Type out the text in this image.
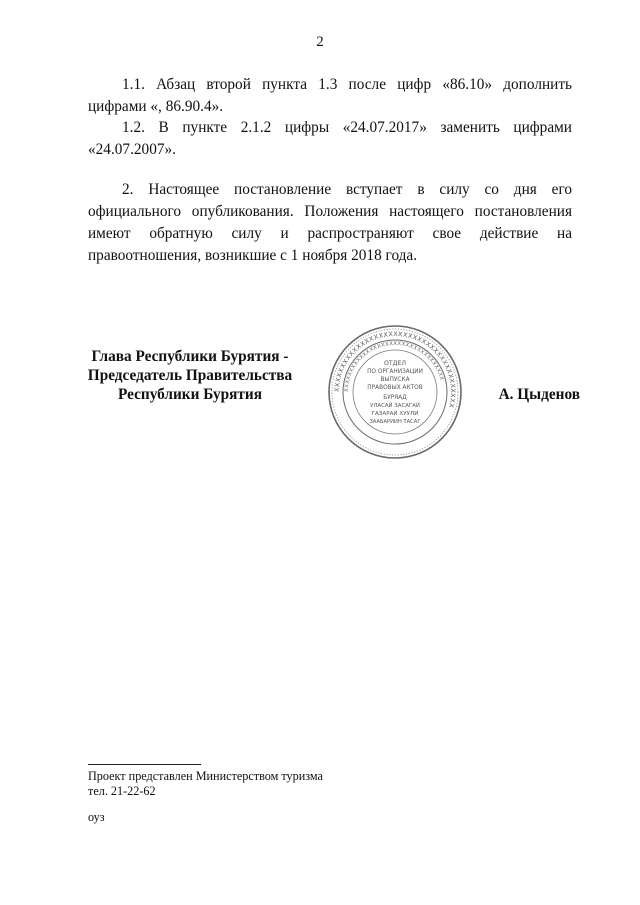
2

1.1. Абзац второй пункта 1.3 после цифр «86.10» дополнить цифрами «, 86.90.4».

1.2. В пункте 2.1.2 цифры «24.07.2017» заменить цифрами «24.07.2007».

2. Настоящее постановление вступает в силу со дня его официального опубликования. Положения настоящего постановления имеют обратную силу и распространяют свое действие на правоотношения, возникшие с 1 ноября 2018 года.

Глава Республики Бурятия -
Председатель Правительства
Республики Бурятия	ХХХХХХХХХХХХХХХХХХХХХХХХХХХХХХХХХХХХХХХХ
ХХХХХХХХХХХХХХХХХХХХХХХХХХХХХХХХХХ
ОТДЕЛ
ПО ОРГАНИЗАЦИИ
ВЫПУСКА
ПРАВОВЫХ АКТОВ
БУРЯАД
УЛАСАЙ ЗАСАГАЙ
ГАЗАРАЙ ХУУЛИ
ЗААБАРИИН ТАСАГ
А. Цыденов
Проект представлен Министерством туризма
тел. 21-22-62
оуз
